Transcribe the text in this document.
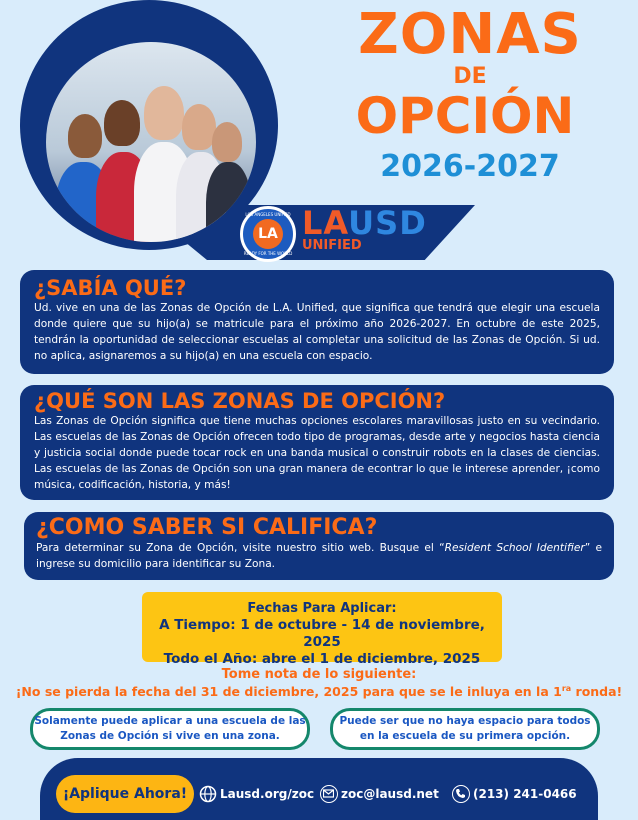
ZONAS
DE
OPCIÓN
2026-2027
LOS ANGELES UNIFIED
LA
READY FOR THE WORLD
LAUSD
UNIFIED
¿SABÍA QUÉ?

Ud. vive en una de las Zonas de Opción de L.A. Unified, que significa que tendrá que elegir una escuela donde quiere que su hijo(a) se matricule para el próximo año 2026-2027. En octubre de este 2025, tendrán la oportunidad de seleccionar escuelas al completar una solicitud de las Zonas de Opción. Si ud. no aplica, asignaremos a su hijo(a) en una escuela con espacio.

¿QUÉ SON LAS ZONAS DE OPCIÓN?

Las Zonas de Opción significa que tiene muchas opciones escolares maravillosas justo en su vecindario. Las escuelas de las Zonas de Opción ofrecen todo tipo de programas, desde arte y negocios hasta ciencia y justicia social donde puede tocar rock en una banda musical o construir robots en la clases de ciencias. Las escuelas de las Zonas de Opción son una gran manera de econtrar lo que le interese aprender, ¡como música, codificación, historia, y más!

¿COMO SABER SI CALIFICA?

Para determinar su Zona de Opción, visite nuestro sitio web. Busque el “Resident School Identifier” e ingrese su domicilio para identificar su Zona.

Fechas Para Aplicar:
A Tiempo: 1 de octubre - 14 de noviembre, 2025
Todo el Año: abre el 1 de diciembre, 2025
Tome nota de lo siguiente:
¡No se pierda la fecha del 31 de diciembre, 2025 para que se le inluya en la $1^{ra}$ ronda!
Solamente puede aplicar a una escuela de las Zonas de Opción si vive en una zona.
Puede ser que no haya espacio para todos en la escuela de su primera opción.
¡Aplique Ahora!	Lausd.org/zoc zoc@lausd.net	(213) 241-0466
